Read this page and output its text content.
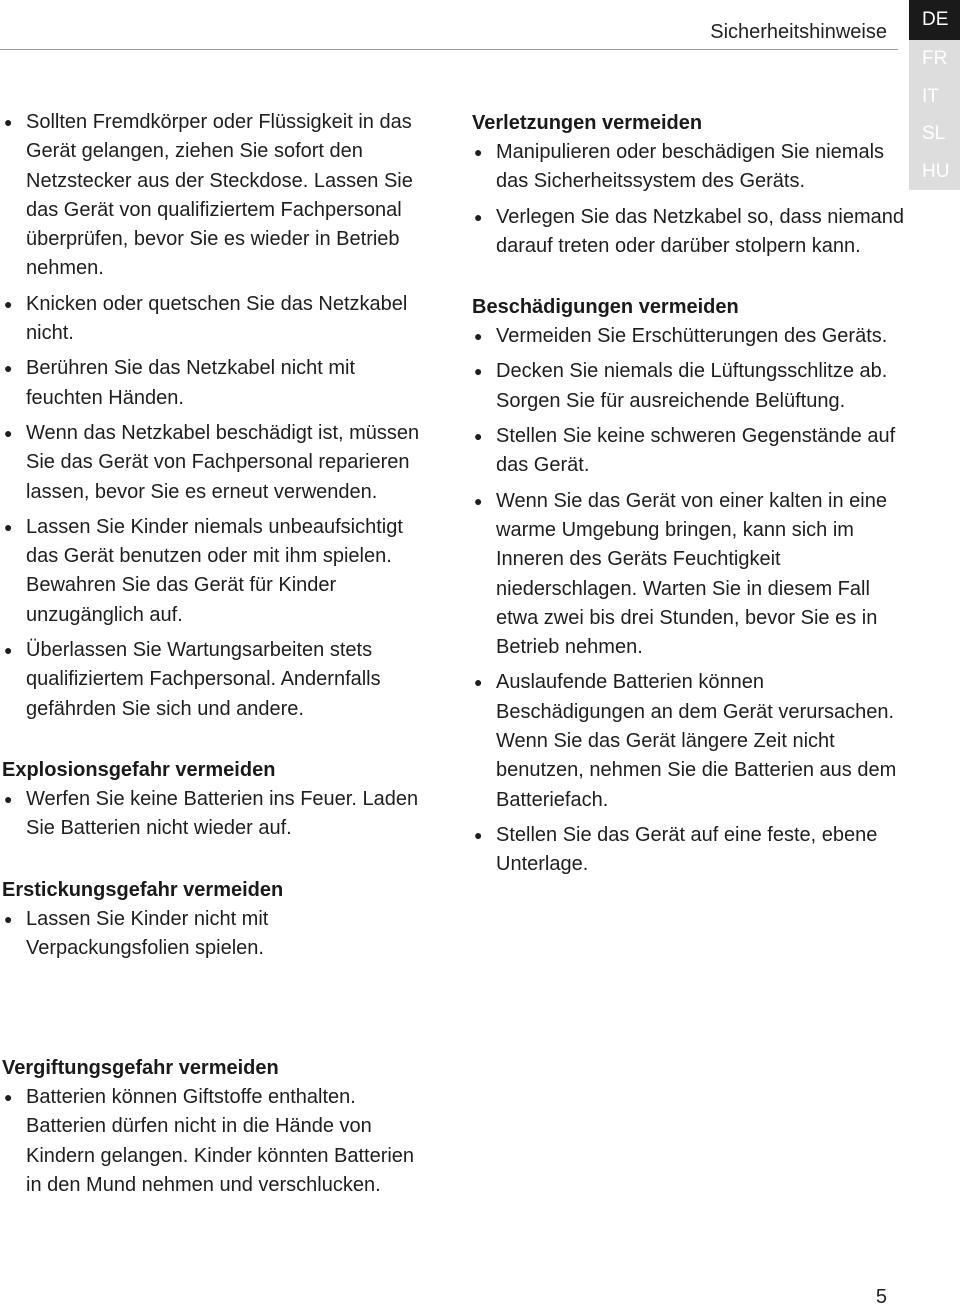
Sicherheitshinweise
DE
FR
IT
SL
HU
● Sollten Fremdkörper oder Flüssigkeit in das Gerät gelangen, ziehen Sie sofort den Netzstecker aus der Steckdose. Lassen Sie das Gerät von qualifiziertem Fachpersonal überprüfen, bevor Sie es wieder in Betrieb nehmen.
● Knicken oder quetschen Sie das Netzkabel nicht.
● Berühren Sie das Netzkabel nicht mit feuchten Händen.
● Wenn das Netzkabel beschädigt ist, müssen Sie das Gerät von Fachpersonal reparieren lassen, bevor Sie es erneut verwenden.
● Lassen Sie Kinder niemals unbeaufsichtigt das Gerät benutzen oder mit ihm spielen. Bewahren Sie das Gerät für Kinder unzugänglich auf.
● Überlassen Sie Wartungsarbeiten stets qualifiziertem Fachpersonal. Andernfalls gefährden Sie sich und andere.
Explosionsgefahr vermeiden
● Werfen Sie keine Batterien ins Feuer. Laden Sie Batterien nicht wieder auf.
Erstickungsgefahr vermeiden
● Lassen Sie Kinder nicht mit Verpackungsfolien spielen.
Verletzungen vermeiden
● Manipulieren oder beschädigen Sie niemals das Sicherheitssystem des Geräts.
● Verlegen Sie das Netzkabel so, dass niemand darauf treten oder darüber stolpern kann.
Beschädigungen vermeiden
● Vermeiden Sie Erschütterungen des Geräts.
● Decken Sie niemals die Lüftungsschlitze ab. Sorgen Sie für ausreichende Belüftung.
● Stellen Sie keine schweren Gegenstände auf das Gerät.
● Wenn Sie das Gerät von einer kalten in eine warme Umgebung bringen, kann sich im Inneren des Geräts Feuchtigkeit niederschlagen. Warten Sie in diesem Fall etwa zwei bis drei Stunden, bevor Sie es in Betrieb nehmen.
● Auslaufende Batterien können Beschädigungen an dem Gerät verursachen. Wenn Sie das Gerät längere Zeit nicht benutzen, nehmen Sie die Batterien aus dem Batteriefach.
● Stellen Sie das Gerät auf eine feste, ebene Unterlage.
Vergiftungsgefahr vermeiden
● Batterien können Giftstoffe enthalten. Batterien dürfen nicht in die Hände von Kindern gelangen. Kinder könnten Batterien in den Mund nehmen und verschlucken.
5
